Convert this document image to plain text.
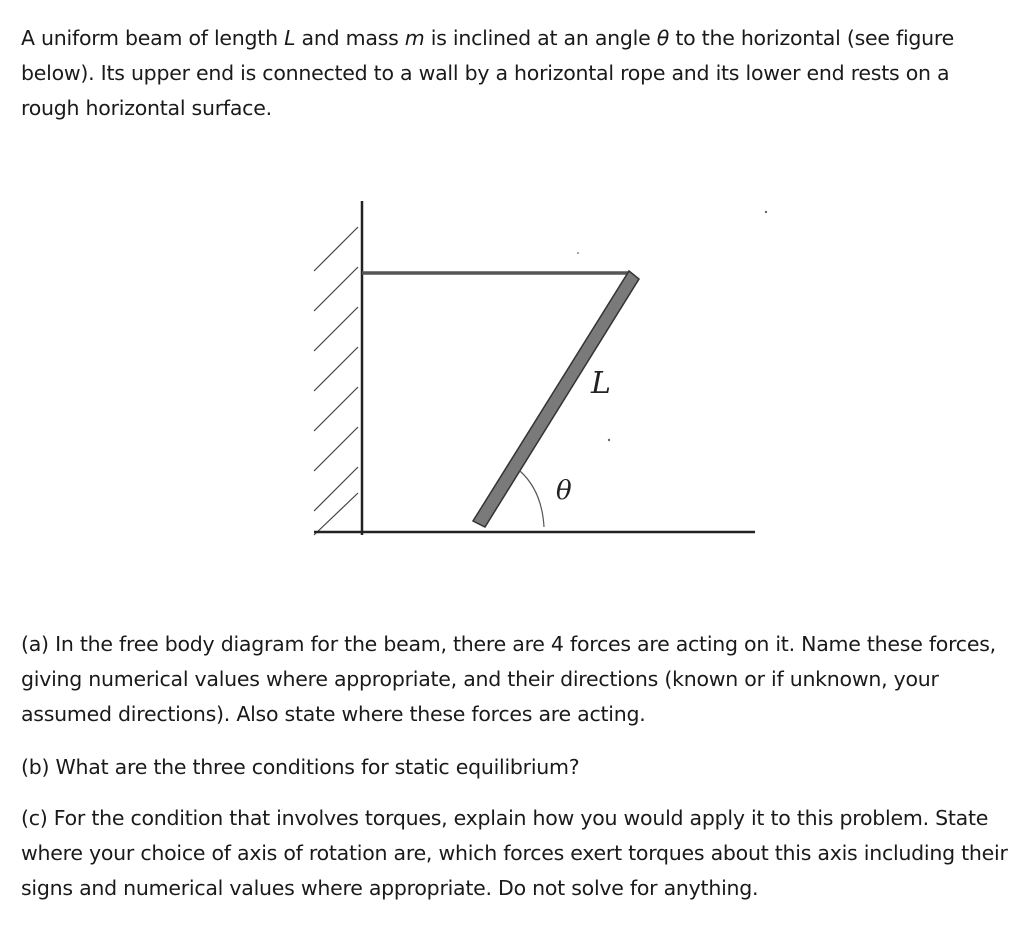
A uniform beam of length L and mass m is inclined at an angle θ to the horizontal (see figure below). Its upper end is connected to a wall by a horizontal rope and its lower end rests on a rough horizontal surface.

L
θ

(a) In the free body diagram for the beam, there are 4 forces are acting on it. Name these forces, giving numerical values where appropriate, and their directions (known or if unknown, your assumed directions). Also state where these forces are acting.

(b) What are the three conditions for static equilibrium?

(c) For the condition that involves torques, explain how you would apply it to this problem. State where your choice of axis of rotation are, which forces exert torques about this axis including their signs and numerical values where appropriate. Do not solve for anything.
